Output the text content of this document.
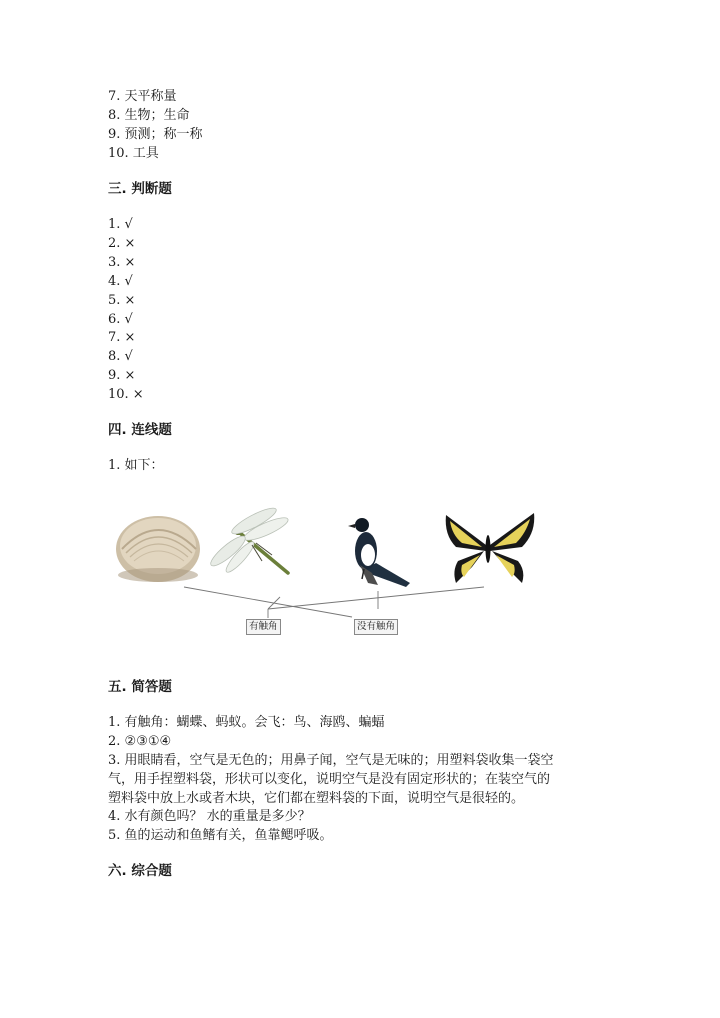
7. 天平称量
8. 生物；生命
9. 预测；称一称
10. 工具
三. 判断题
1. √
2. ×
3. ×
4. √
5. ×
6. √
7. ×
8. √
9. ×
10. ×
四. 连线题
1. 如下：
有触角	没有触角
五. 简答题
1. 有触角：蝴蝶、蚂蚁。会飞：鸟、海鸥、蝙蝠
2. ②③①④
3. 用眼睛看，空气是无色的；用鼻子闻，空气是无味的；用塑料袋收集一袋空
气，用手捏塑料袋，形状可以变化，说明空气是没有固定形状的；在装空气的
塑料袋中放上水或者木块，它们都在塑料袋的下面，说明空气是很轻的。
4. 水有颜色吗？ 水的重量是多少？
5. 鱼的运动和鱼鳍有关，鱼靠鳃呼吸。
六. 综合题
